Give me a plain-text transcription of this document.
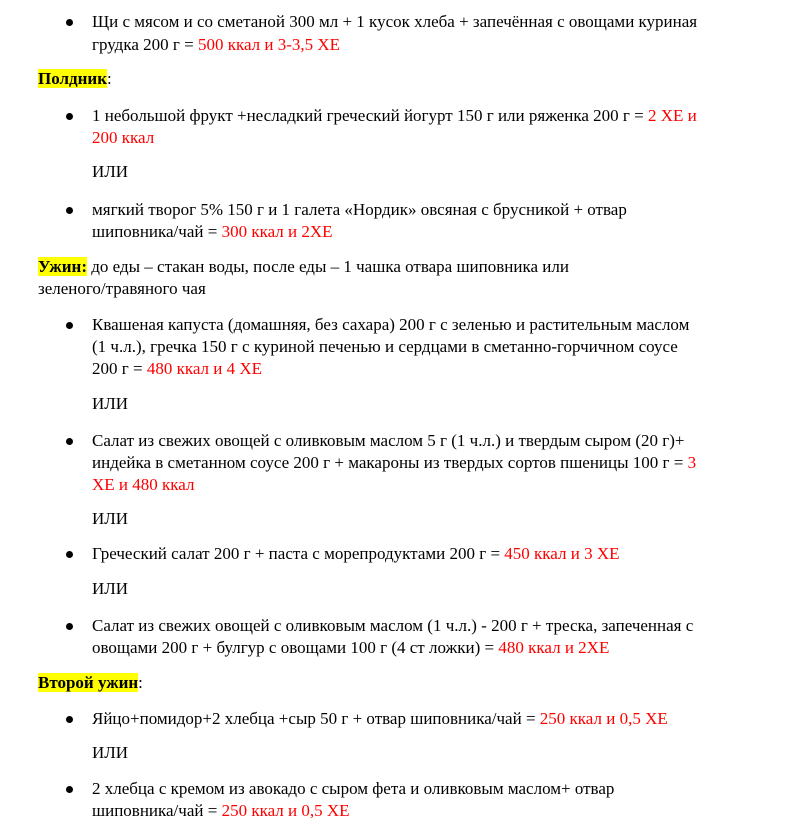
Щи с мясом и со сметаной 300 мл + 1 кусок хлеба + запечённая с овощами куриная
грудка 200 г = 500 ккал и 3-3,5 ХЕ
Полдник:
1 небольшой фрукт +несладкий греческий йогурт 150 г или ряженка 200 г = 2 ХЕ и
200 ккал
ИЛИ
мягкий творог 5% 150 г и 1 галета «Нордик» овсяная с брусникой + отвар
шиповника/чай = 300 ккал и 2ХЕ
Ужин: до еды – стакан воды, после еды – 1 чашка отвара шиповника или
зеленого/травяного чая
Квашеная капуста (домашняя, без сахара) 200 г с зеленью и растительным маслом
(1 ч.л.), гречка 150 г с куриной печенью и сердцами в сметанно-горчичном соусе
200 г = 480 ккал и 4 ХЕ
ИЛИ
Салат из свежих овощей с оливковым маслом 5 г (1 ч.л.) и твердым сыром (20 г)+
индейка в сметанном соусе 200 г + макароны из твердых сортов пшеницы 100 г = 3
ХЕ и 480 ккал
ИЛИ
Греческий салат 200 г + паста с морепродуктами 200 г = 450 ккал и 3 ХЕ
ИЛИ
Салат из свежих овощей с оливковым маслом (1 ч.л.) - 200 г + треска, запеченная с
овощами 200 г + булгур с овощами 100 г (4 ст ложки) = 480 ккал и 2ХЕ
Второй ужин:
Яйцо+помидор+2 хлебца +сыр 50 г + отвар шиповника/чай = 250 ккал и 0,5 ХЕ
ИЛИ
2 хлебца с кремом из авокадо с сыром фета и оливковым маслом+ отвар
шиповника/чай = 250 ккал и 0,5 ХЕ
